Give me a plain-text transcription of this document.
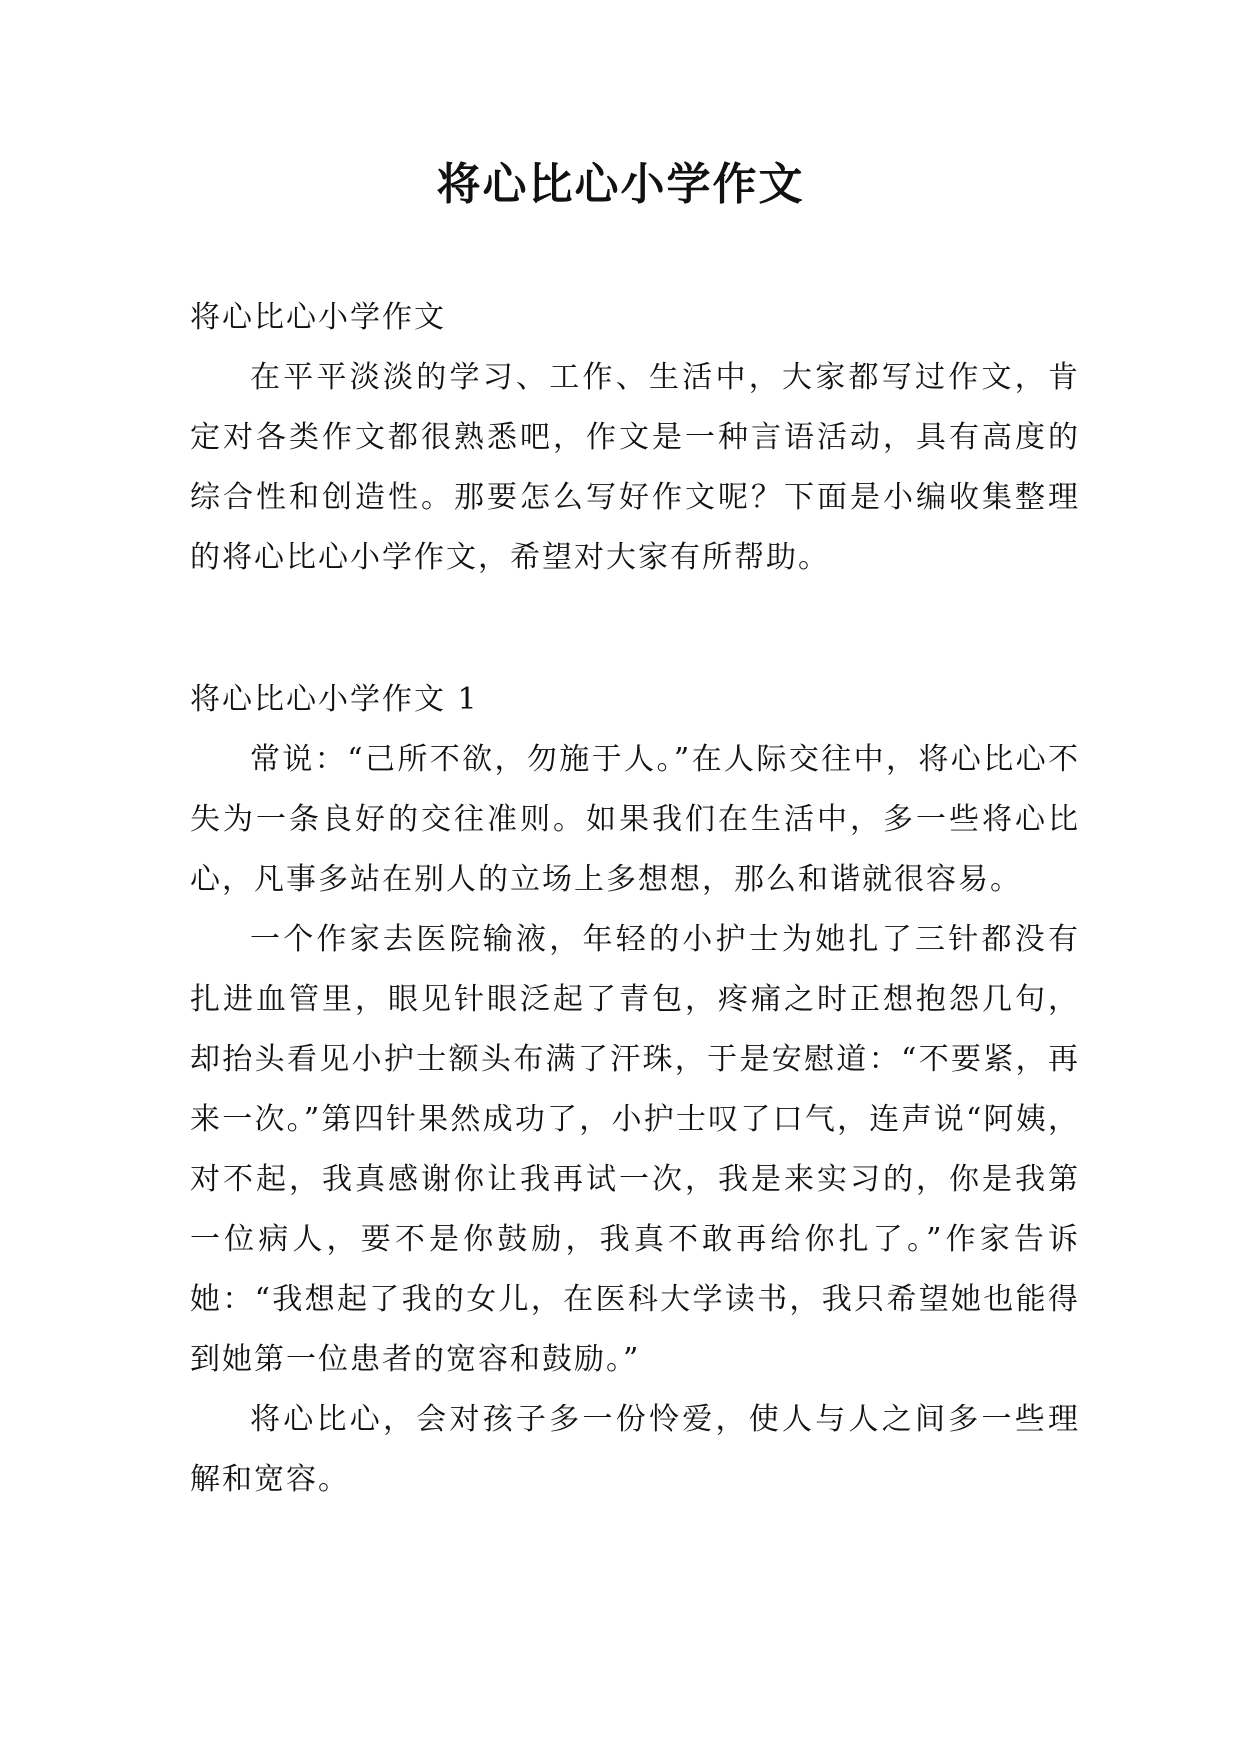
将心比心小学作文

将心比心小学作文

在平平淡淡的学习、工作、生活中，大家都写过作文，肯定对各类作文都很熟悉吧，作文是一种言语活动，具有高度的综合性和创造性。那要怎么写好作文呢？下面是小编收集整理的将心比心小学作文，希望对大家有所帮助。

将心比心小学作文 1

常说：“己所不欲，勿施于人。”在人际交往中，将心比心不失为一条良好的交往准则。如果我们在生活中，多一些将心比心，凡事多站在别人的立场上多想想，那么和谐就很容易。

一个作家去医院输液，年轻的小护士为她扎了三针都没有扎进血管里，眼见针眼泛起了青包，疼痛之时正想抱怨几句，却抬头看见小护士额头布满了汗珠，于是安慰道：“不要紧，再来一次。”第四针果然成功了，小护士叹了口气，连声说“阿姨，对不起，我真感谢你让我再试一次，我是来实习的，你是我第一位病人，要不是你鼓励，我真不敢再给你扎了。”作家告诉她：“我想起了我的女儿，在医科大学读书，我只希望她也能得到她第一位患者的宽容和鼓励。”

将心比心，会对孩子多一份怜爱，使人与人之间多一些理解和宽容。
